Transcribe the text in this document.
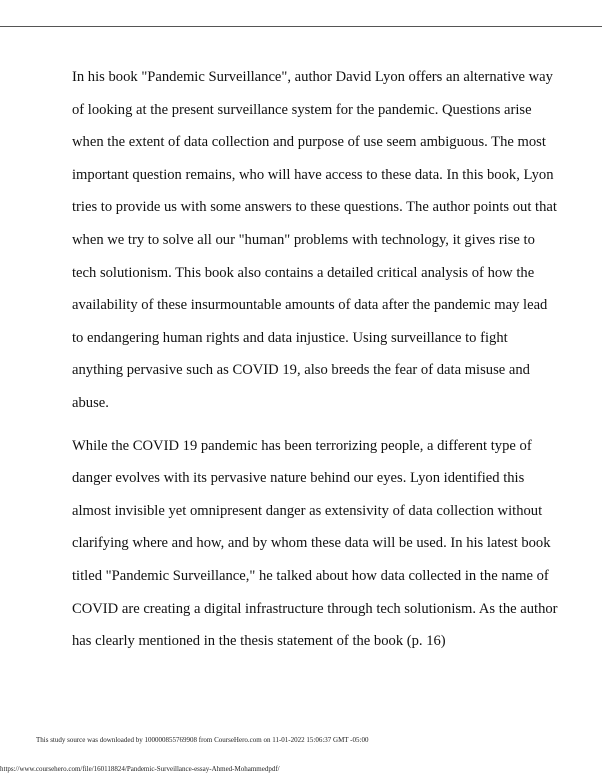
In his book "Pandemic Surveillance", author David Lyon offers an alternative way
of looking at the present surveillance system for the pandemic. Questions arise
when the extent of data collection and purpose of use seem ambiguous. The most
important question remains, who will have access to these data. In this book, Lyon
tries to provide us with some answers to these questions. The author points out that
when we try to solve all our "human" problems with technology, it gives rise to
tech solutionism. This book also contains a detailed critical analysis of how the
availability of these insurmountable amounts of data after the pandemic may lead
to endangering human rights and data injustice. Using surveillance to fight
anything pervasive such as COVID 19, also breeds the fear of data misuse and
abuse.

While the COVID 19 pandemic has been terrorizing people, a different type of
danger evolves with its pervasive nature behind our eyes. Lyon identified this
almost invisible yet omnipresent danger as extensivity of data collection without
clarifying where and how, and by whom these data will be used. In his latest book
titled "Pandemic Surveillance," he talked about how data collected in the name of
COVID are creating a digital infrastructure through tech solutionism. As the author
has clearly mentioned in the thesis statement of the book (p. 16)

This study source was downloaded by 100000855769908 from CourseHero.com on 11-01-2022 15:06:37 GMT -05:00
https://www.coursehero.com/file/160118824/Pandemic-Surveillance-essay-Ahmed-Mohammedpdf/
